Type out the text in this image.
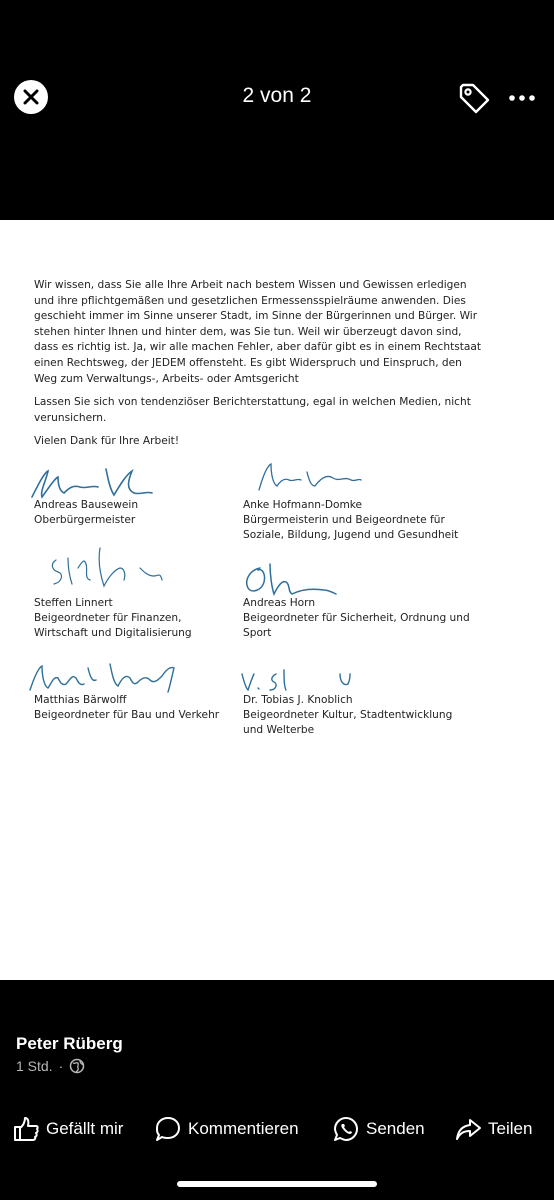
2 von 2

Wir wissen, dass Sie alle Ihre Arbeit nach bestem Wissen und Gewissen erledigen
und ihre pflichtgemäßen und gesetzlichen Ermessensspielräume anwenden. Dies
geschieht immer im Sinne unserer Stadt, im Sinne der Bürgerinnen und Bürger. Wir
stehen hinter Ihnen und hinter dem, was Sie tun. Weil wir überzeugt davon sind,
dass es richtig ist. Ja, wir alle machen Fehler, aber dafür gibt es in einem Rechtstaat
einen Rechtsweg, der JEDEM offensteht. Es gibt Widerspruch und Einspruch, den
Weg zum Verwaltungs-, Arbeits- oder Amtsgericht

Lassen Sie sich von tendenziöser Berichterstattung, egal in welchen Medien, nicht
verunsichern.

Vielen Dank für Ihre Arbeit!

Andreas Bausewein
Oberbürgermeister
Anke Hofmann-Domke
Bürgermeisterin und Beigeordnete für
Soziale, Bildung, Jugend und Gesundheit
Steffen Linnert
Beigeordneter für Finanzen,
Wirtschaft und Digitalisierung
Andreas Horn
Beigeordneter für Sicherheit, Ordnung und
Sport
Matthias Bärwolff
Beigeordneter für Bau und Verkehr
Dr. Tobias J. Knoblich
Beigeordneter Kultur, Stadtentwicklung
und Welterbe
Peter Rüberg
1 Std. ·
Gefällt mir	Kommentieren	Senden	Teilen
